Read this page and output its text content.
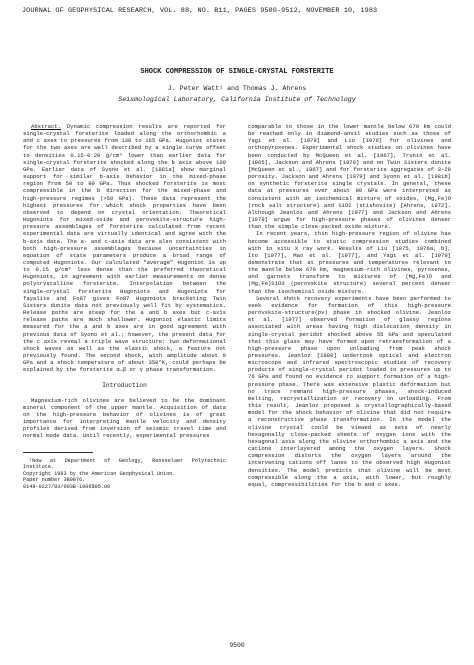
JOURNAL OF GEOPHYSICAL RESEARCH, VOL. 88, NO. B11, PAGES 9500-9512, NOVEMBER 10, 1983
SHOCK COMPRESSION OF SINGLE-CRYSTAL FORSTERITE
J. Peter Watt¹ and Thomas J. Ahrens
Seismological Laboratory, California Institute of Technology

Abstract. Dynamic compression results are reported for single-crystal forsterite loaded along the orthorhombic a and c axes to pressures from 130 to 165 GPa. Hugoniot states for the two axes are well described by a single curve offset to densities 0.15-0.20 g/cm³ lower than earlier data for single-crystal forsterite shocked along the b axis above 100 GPa. Earlier data of Syono et al. [1981a] show marginal support for similar b-axis behavior in the mixed-phase region from 50 to 90 GPa. Thus shocked forsterite is most compressible in the b direction for the mixed-phase and high-pressure regimes (>50 GPa). These data represent the highest pressures for which shock properties have been observed to depend on crystal orientation. Theoretical Hugoniots for mixed-oxide and perovskite-structure high-pressure assemblages of forsterite calculated from recent experimental data are virtually identical and agree with the b-axis data. The a- and c-axis data are also consistent with both high-pressure assemblages because uncertainties in equation of state parameters produce a broad range of computed Hugoniots. Our calculated "average" Hugoniot is up to 0.15 g/cm³ less dense than the preferred theoretical Hugoniots, in agreement with earlier measurements on dense polycrystalline forsterite. Interpolation between the single-crystal forsterite Hugoniots and Hugoniots for fayalite and Fo87 gives Fo87 Hugoniots bracketing Twin Sisters dunite data not previously well fit by systematics. Release paths are steep for the a and b axes but c-axis release paths are much shallower. Hugoniot elastic limits measured for the a and b axes are in good agreement with previous data of Syono et al.; however, the present data for the c axis reveal a triple wave structure: two deformational shock waves as well as the elastic shock, a feature not previously found. The second shock, with amplitude about 9 GPa and a shock temperature of about 350°K, could perhaps be explained by the forsterite α→β or γ phase transformation.

Introduction

Magnesium-rich olivines are believed to be the dominant mineral component of the upper mantle. Acquisition of data on the high-pressure behavior of olivines is of great importance for interpreting mantle velocity and density profiles derived from inversion of seismic travel time and normal mode data. Until recently, experimental pressures

¹Now at Department of Geology, Rensselaer Polytechnic Institute.

Copyright 1983 by the American Geophysical Union.

Paper number 3B0876.

0148-0227/83/003B-1006$05.00

comparable to those in the lower mantle below 670 km could be reached only in diamond-anvil studies such as those of Yagi et al. [1979] and Liu [1976] for olivines and orthopyroxenes. Experimental shock studies on olivines have been conducted by McQueen et al. [1967], Trunin et al. [1965], Jackson and Ahrens [1979] and on Twin Sisters dunite [McQueen et al., 1967] and for forsterite aggregates of 3-28 porosity. Jackson and Ahrens [1979] and Syono et al. [1981b] on synthetic forsterite single crystals. In general, these data at pressures over about 80 GPa were interpreted as consistent with an isochemical mixture of oxides, (Mg,Fe)O (rock salt structure) and SiO2 (stishovite) [Ahrens, 1972]. Although Jeanloz and Ahrens [1977] and Jackson and Ahrens [1979] argue for high-pressure phases of olivines denser than the simple close-packed oxide mixture.

In recent years, thin high-pressure region of olivine has become accessible to static compression studies combined with in situ X ray work. Results of Liu [1975, 1976a, b], Ito [1977], Mao et al. [1977], and Yagi et al. [1979] demonstrate that at pressures and temperatures relevant to the mantle below 670 km, magnesium-rich olivines, pyroxenes, and garnets transform to mixtures of (Mg,Fe)O and (Mg,Fe)SiO3 (perovskite structure) several percent denser than the isochemical oxide mixture.

Several shock recovery experiments have been performed to seek evidence for formation of this high-pressure perovskite-structure(pv) phase in shocked olivine. Jeanloz et al. [1977] observed formation of glassy regions associated with areas having high dislocation density in single-crystal peridot shocked above 55 GPa and speculated that this glass may have formed upon retransformation of a high-pressure phase upon unloading from peak shock pressures. Jeanloz [1980] undertook optical and electron microscope and infrared spectroscopic studies of recovery products of single-crystal peridot loaded to pressures up to 76 GPa and found no evidence to support formation of a high-pressure phase. There was extensive plastic deformation but no trace remnant high-pressure phases, shock-induced melting, recrystallization or recovery on unloading. From this result, Jeanloz proposed a crystallographically-based model for the shock behavior of olivine that did not require a reconstructive phase transformation. In the model the olivine crystal could be viewed as sets of nearly hexagonally close-packed sheets of oxygen ions with the hexagonal axis along the olivine orthorhombic a axis and the cations interlayered among the oxygen layers. Shock compression distorts the oxygen layers around the intervening cations off lanes to the observed high Hugoniot densities. The model predicts that olivine will be most compressible along the a axis, with lower, but roughly equal, compressibilities for the b and c axes.

9500
